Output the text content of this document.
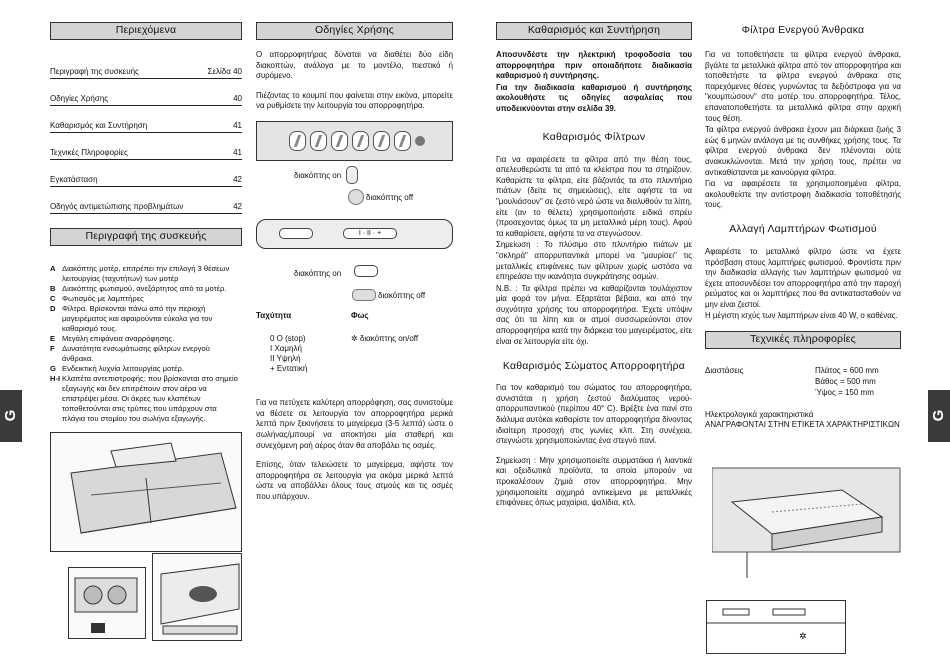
G	G
Περιεχόμενα
Περιγραφή της συσκευής	Σελίδα 40
Οδηγίες Χρήσης	40
Καθαρισμός και Συντήρηση	41
Τεχνικές Πληροφορίες	41
Εγκατάσταση	42
Οδηγός αντιμετώπισης προβλημάτων	42
Περιγραφή της συσκευής
A Διακόπτης μοτέρ, επιτρέπει την επιλογή 3 θέσεων λειτουργίας (ταχυτήτων) των μοτέρ
B Διακόπτης φωτισμού, ανεξάρτητος από τα μοτέρ.
C Φωτισμός με λαμπτήρες
D Φίλτρα. Βρίσκονται πάνω από την περιοχή μαγειρέματος και αφαιρούνται εύκολα για τον καθαρισμό τους.
E Μεγάλη επιφάνεια αναρρόφησης.
F Δυνατότητα ενσωμάτωσης φίλτρων ενεργού άνθρακα.
G Ενδεικτική λυχνία λειτουργίας μοτέρ.
H-I Κλαπέτα αντεπιστροφής: που βρίσκονται στο σημείο εξαγωγής και δεν επιτρέπουν στον αέρα να επιστρέψει μέσα. Οι άκρες των κλαπέτων τοποθετούνται στις τρύπες που υπάρχουν στα πλάγια του στομίου του σωλήνα εξαγωγής.
Οδηγίες Χρήσης

Ο απορροφητήρας δύναται να διαθέτει δύο είδη διακοπτών, ανάλογα με το μοντέλο, πιεστικό ή συρόμενο.

Πιέζοντας το κουμπί που φαίνεται στην εικόνα, μπορείτε να ρυθμίσετε την λειτουργία του απορροφητήρα.

διακόπτης on
διακόπτης off
I · II · +
διακόπτης on
διακόπτης off
Ταχύτητα
0 Ο (stop)
I Χαμηλή
II Υψηλή
+ Εντατική
Φως
✲ διακόπτης on/off

Για να πετύχετε καλύτερη απορρόφηση, σας συνιστούμε να θέσετε σε λειτουργία τον απορροφητήρα μερικά λεπτά πριν ξεκινήσετε το μαγείρεμα (3-5 λεπτά) ώστε ο σωλήνας/μπουρί να αποκτήσει μία σταθερή και συνεχόμενη ροή αέρος όταν θα αποβάλει τις οσμές.

Επίσης, όταν τελειώσετε το μαγείρεμα, αφήστε τον απορροφητήρα σε λειτουργία για ακόμα μερικά λεπτά ώστε να αποβάλλει όλους τους ατμούς και τις οσμές που υπάρχουν.

Καθαρισμός και Συντήρηση

Αποσυνδέστε την ηλεκτρική τροφοδοσία του απορροφητήρα πριν οποιαδήποτε διαδικασία καθαρισμού ή συντήρησης.

Για την διαδικασία καθαρισμού ή συντήρησης ακολουθήστε τις οδηγίες ασφαλείας που υποδεικνύονται στην σελίδα 39.

Καθαρισμός Φίλτρων

Για να αφαιρέσετε τα φίλτρα από την θέση τους, απελευθερώστε τα από τα κλείστρα που τα στηρίζουν. Καθαρίστε τα φίλτρα, είτε βάζοντάς τα στο πλυντήριο πιάτων (δείτε τις σημειώσεις), είτε αφήστε τα να "μουλιάσουν" σε ζεστό νερό ώστε να διαλυθούν τα λίπη, είτε (αν το θέλετε) χρησιμοποιήστε ειδικά σπρέυ (προσεχοντας όμως τα μη μεταλλικά μέρη τους). Αφού τα καθαρίσετε, αφήστε τα να στεγνώσουν.

Σημείωση : Το πλύσιμο στο πλυντήριο πιάτων με "σκληρά" απορρυπαντικά μπορεί να "μαυρίσει" τις μεταλλικές επιφάνειες των φίλτρων χωρίς ωστόσο να επηρεάσει την ικανότητα συγκράτησης οσμών.

N.B. : Τα φίλτρα πρέπει να καθαρίζονται τουλάχιστον μία φορά τον μήνα. Εξαρτάται βέβαια, και από την συχνότητα χρήσης του απορροφητήρα. Έχετε υπόψιν σας ότι τα λίπη και οι ατμοί συσσωρεύονται στον απορροφητήρα κατά την διάρκεια του μαγειρέματος, είτε είναι σε λειτουργία είτε όχι.

Καθαρισμός Σώματος Απορροφητήρα

Για τον καθαρισμό του σώματος του απορροφητήρα, συνιστάται η χρήση ζεστού διαλύματος νερού-απορρυπαντικού (περίπου 40° C). Βρέξτε ένα πανί στο διάλυμα αυτόκαι καθαρίστε τον απορροφητήρα δίνοντας ιδιαίτερη προσοχή στις γωνίες κλπ. Στη συνέχεια, στεγνώστε χρησιμοποιώντας ένα στεγνό πανί.

Σημείωση : Μην χρησιμοποιείτε συρματάκια ή λιαντικά και οξειδωτικά προϊόντα, τα οποία μπορούν να προκαλέσουν ζημιά στον απορροφητήρα. Μην χρησιμοποιείτε αιχμηρά αντικείμενα με μεταλλικές επιφάνειες όπως μαχαίρια, ψαλίδια, κτλ.

Φίλτρα Ενεργού Άνθρακα

Για να τοποθετήσετε τα φίλτρα ενεργού άνθρακα, βγάλτε τα μεταλλικά φίλτρα από τον απορροφητήρα και τοποθετήστε τα φίλτρα ενεργού άνθρακα στις παρεχόμενες θέσεις γυρνώντας τα δεξιόστροφα για να "κουμπώσουν" στο μοτέρ του απορροφητήρα. Τέλος, επανατοποθετήστε τα μεταλλικά φίλτρα στην αρχική τους θέση.

Τα φίλτρα ενεργού άνθρακα έχουν μια διάρκεια ζωής 3 εώς 6 μηνών ανάλογα με τις συνθήκες χρήσης τους. Τα φίλτρα ενεργού άνθρακα δεν πλένονται ούτε ανακυκλώνονται. Μετά την χρήση τους, πρέπει να αντικαθίστανται με καινούργια φίλτρα.

Για να αφαιρέσετε τα χρησιμοποιημένα φίλτρα, ακολουθείστε την αντίστροφη διαδικασία τοποθέτησής τους.

Αλλαγή Λαμπτήρων Φωτισμού

Αφαιρέστε το μεταλλικό φίλτρο ώστε να έχετε πρόσβαση στους λαμπτήρες φωτισμού. Φροντίστε πριν την διαδικασία αλλαγής των λαμπτήρων φωτισμού να έχετε αποσυνδέσει τον απορροφητήρα από την παροχή ρεύματος και οι λαμπτήρες που θα αντικατασταθούν να μην είναι ζεστοί.

Η μέγιστη ισχύς των λαμπτήρων είναι 40 W, ο καθένας.

Τεχνικές πληροφορίες
Διαστάσεις	Πλάτος = 600 mm
Βάθος = 500 mm
Ύψος = 150 mm
Ηλεκτρολογικά χαρακτηριστικά
ΑΝΑΓΡΑΦΟΝΤΑΙ ΣΤΗΝ ΕΤΙΚΕΤΑ ΧΑΡΑΚΤΗΡΙΣΤΙΚΩΝ
✲
